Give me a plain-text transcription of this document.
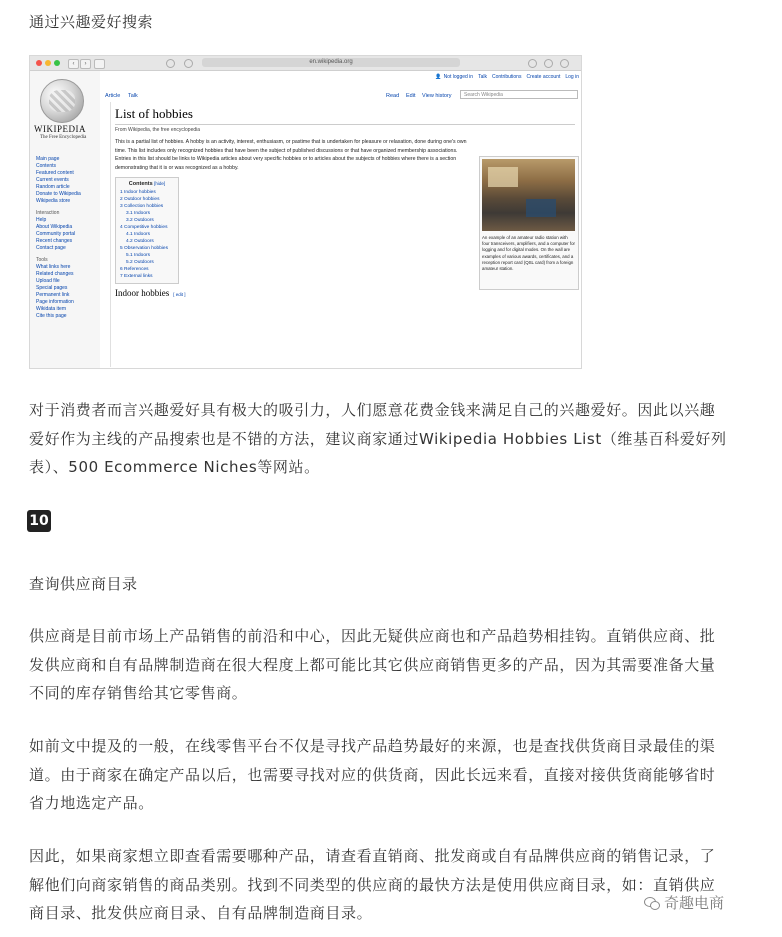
通过兴趣爱好搜索
‹	›	en.wikipedia.org
WIKIPEDIA
The Free Encyclopedia
Main page
Contents
Featured content
Current events
Random article
Donate to Wikipedia
Wikipedia store
Interaction
Help
About Wikipedia
Community portal
Recent changes
Contact page
Tools
What links here
Related changes
Upload file
Special pages
Permanent link
Page information
Wikidata item
Cite this page
👤 Not logged in Talk Contributions Create account Log in
Article Talk	Read Edit View history	Search Wikipedia
List of hobbies
From Wikipedia, the free encyclopedia
This is a partial list of hobbies. A hobby is an activity, interest, enthusiasm, or pastime that is undertaken for pleasure or relaxation, done during one's own time. This list includes only recognized hobbies that have been the subject of published discussions or that have organized membership associations. Entries in this list should be links to Wikipedia articles about very specific hobbies or to articles about the subjects of hobbies where there is a section demonstrating that it is or was recognized as a hobby.
Contents [hide]
1 Indoor hobbies
2 Outdoor hobbies
3 Collection hobbies
3.1 Indoors
3.2 Outdoors
4 Competitive hobbies
4.1 Indoors
4.2 Outdoors
5 Observation hobbies
5.1 Indoors
5.2 Outdoors
6 References
7 External links
Indoor hobbies [ edit ]
An example of an amateur radio station with four transceivers, amplifiers, and a computer for logging and for digital modes. On the wall are examples of various awards, certificates, and a reception report card (QSL card) from a foreign amateur station.
对于消费者而言兴趣爱好具有极大的吸引力，人们愿意花费金钱来满足自己的兴趣爱好。因此以兴趣爱好作为主线的产品搜索也是不错的方法，建议商家通过Wikipedia Hobbies List（维基百科爱好列表）、500 Ecommerce Niches等网站。
10
查询供应商目录
供应商是目前市场上产品销售的前沿和中心，因此无疑供应商也和产品趋势相挂钩。直销供应商、批发供应商和自有品牌制造商在很大程度上都可能比其它供应商销售更多的产品，因为其需要准备大量不同的库存销售给其它零售商。
如前文中提及的一般，在线零售平台不仅是寻找产品趋势最好的来源，也是查找供货商目录最佳的渠道。由于商家在确定产品以后，也需要寻找对应的供货商，因此长远来看，直接对接供货商能够省时省力地选定产品。
因此，如果商家想立即查看需要哪种产品，请查看直销商、批发商或自有品牌供应商的销售记录，了解他们向商家销售的商品类别。找到不同类型的供应商的最快方法是使用供应商目录，如：直销供应商目录、批发供应商目录、自有品牌制造商目录。
奇趣电商
